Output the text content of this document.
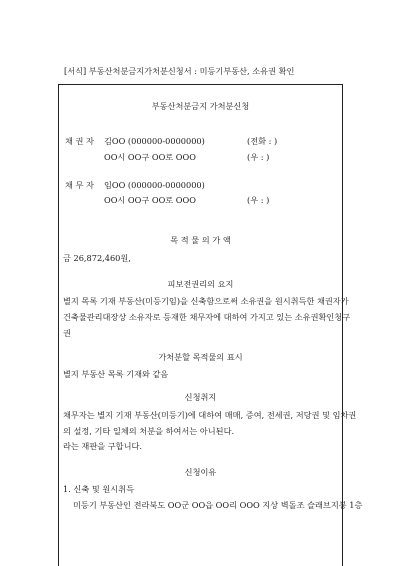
[서식] 부동산처분금지가처분신청서 : 미등기부동산, 소유권 확인
부동산처분금지 가처분신청
채 권 자 김OO (000000-0000000)	(전화 : )
OO시 OO구 OO로 OOO	(우 : )
채 무 자 임OO (000000-0000000)
OO시 OO구 OO로 OOO	(우 : )
목 적 물 의 가 액
금 26,872,460원,
피보전권리의 요지
별지 목록 기재 부동산(미등기임)을 신축함으로써 소유권을 원시취득한 채권자가
건축물관리대장상 소유자로 등재한 채무자에 대하여 가지고 있는 소유권확인청구
권
가처분할 목적물의 표시
별지 부동산 목록 기재와 같음
신청취지
채무자는 별지 기재 부동산(미등기)에 대하여 매매, 증여, 전세권, 저당권 및 임차권
의 설정, 기타 일체의 처분을 하여서는 아니된다.
라는 재판을 구합니다.
신청이유
1. 신축 및 원시취득
미등기 부동산인 전라북도 OO군 OO읍 OO리 OOO 지상 벽돌조 슬래브지붕 1층
